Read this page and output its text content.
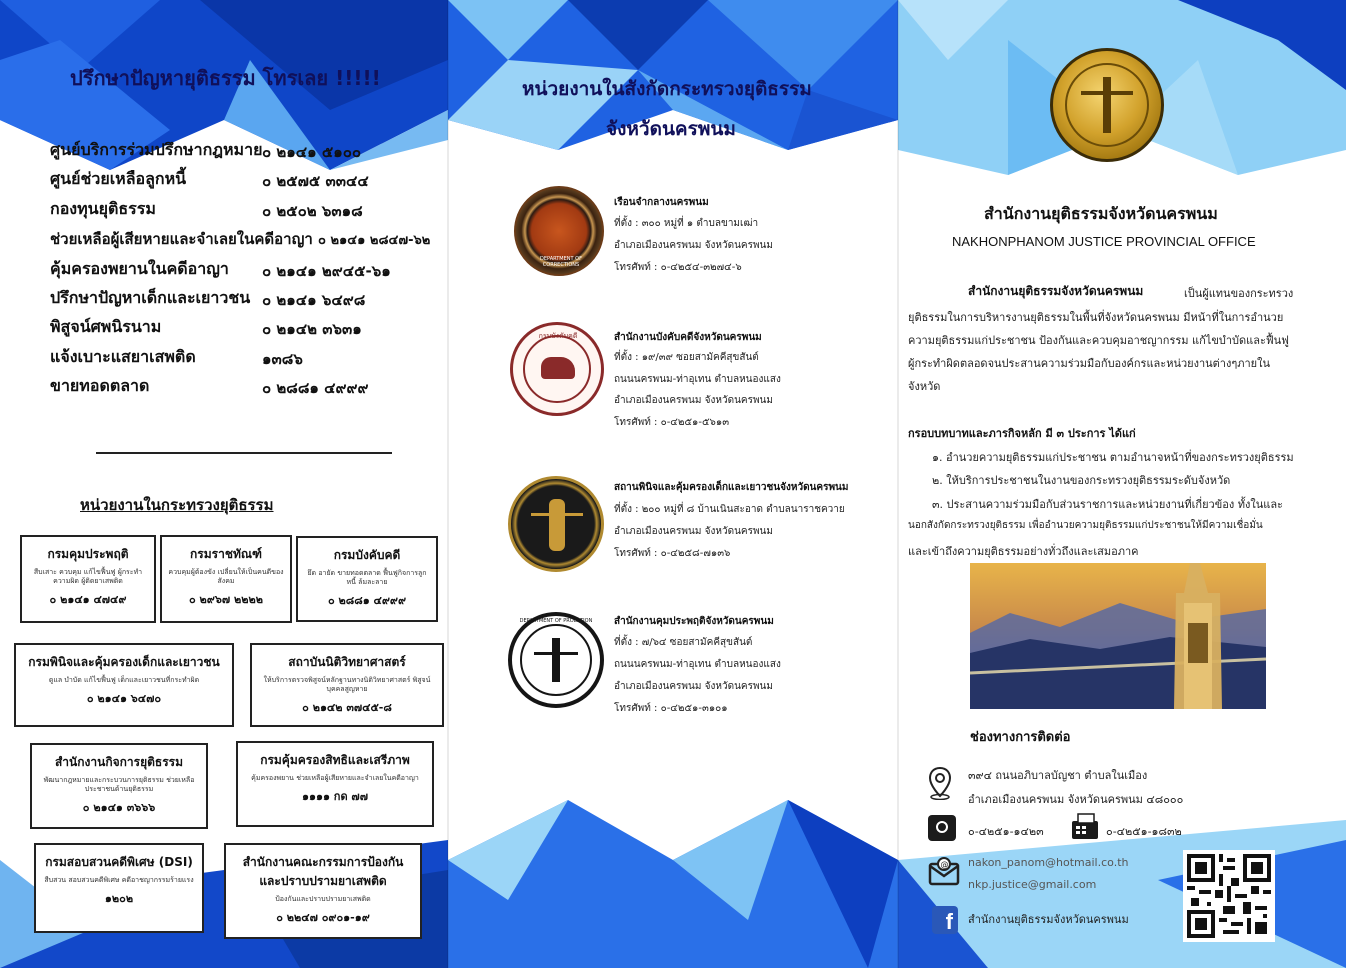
ปรึกษาปัญหายุติธรรม โทรเลย !!!!!
ศูนย์บริการร่วมปรึกษากฎหมาย ๐ ๒๑๔๑ ๕๑๐๐
ศูนย์ช่วยเหลือลูกหนี้	๐ ๒๕๗๕ ๓๓๔๔
กองทุนยุติธรรม	๐ ๒๕๐๒ ๖๓๑๘
ช่วยเหลือผู้เสียหายและจำเลยในคดีอาญา ๐ ๒๑๔๑ ๒๘๔๗-๖๒
คุ้มครองพยานในคดีอาญา ๐ ๒๑๔๑ ๒๙๔๕-๖๑
ปรึกษาปัญหาเด็กและเยาวชน ๐ ๒๑๔๑ ๖๔๙๘
พิสูจน์ศพนิรนาม	๐ ๒๑๔๒ ๓๖๓๑
แจ้งเบาะแสยาเสพติด	๑๓๘๖
ขายทอดตลาด	๐ ๒๘๘๑ ๔๙๙๙
หน่วยงานในกระทรวงยุติธรรม
กรมคุมประพฤติ
สืบเสาะ ควบคุม แก้ไขฟื้นฟู ผู้กระทำความผิด ผู้ติดยาเสพติด
๐ ๒๑๔๑ ๔๗๔๙
กรมราชทัณฑ์
ควบคุมผู้ต้องขัง เปลี่ยนให้เป็นคนดีของสังคม
๐ ๒๙๖๗ ๒๒๒๒
กรมบังคับคดี
ยึด อายัด ขายทอดตลาด ฟื้นฟูกิจการลูกหนี้ ล้มละลาย
๐ ๒๘๘๑ ๔๙๙๙
กรมพินิจและคุ้มครองเด็กและเยาวชน
ดูแล บำบัด แก้ไขฟื้นฟู เด็กและเยาวชนที่กระทำผิด
๐ ๒๑๔๑ ๖๔๗๐
สถาบันนิติวิทยาศาสตร์
ให้บริการตรวจพิสูจน์หลักฐานทางนิติวิทยาศาสตร์ พิสูจน์บุคคลสูญหาย
๐ ๒๑๔๒ ๓๗๔๕-๘
สำนักงานกิจการยุติธรรม
พัฒนากฎหมายและกระบวนการยุติธรรม ช่วยเหลือประชาชนด้านยุติธรรม
๐ ๒๑๔๑ ๓๖๖๖
กรมคุ้มครองสิทธิและเสรีภาพ
คุ้มครองพยาน ช่วยเหลือผู้เสียหายและจำเลยในคดีอาญา
๑๑๑๑ กด ๗๗
กรมสอบสวนคดีพิเศษ (DSI)
สืบสวน สอบสวนคดีพิเศษ คดีอาชญากรรมร้ายแรง
๑๒๐๒
สำนักงานคณะกรรมการป้องกันและปราบปรามยาเสพติด
ป้องกันและปราบปรามยาเสพติด
๐ ๒๒๔๗ ๐๙๐๑-๑๙
หน่วยงานในสังกัดกระทรวงยุติธรรม
จังหวัดนครพนม
DEPARTMENT OF CORRECTIONS
เรือนจำกลางนครพนม
ที่ตั้ง : ๓๐๐ หมู่ที่ ๑ ตำบลขามเฒ่า
อำเภอเมืองนครพนม จังหวัดนครพนม
โทรศัพท์ : ๐-๔๒๕๔-๓๒๗๔-๖
กรมบังคับคดี	สำนักงานบังคับคดีจังหวัดนครพนม
ที่ตั้ง : ๑๙/๓๙ ซอยสามัคคีสุขสันต์
ถนนนครพนม-ท่าอุเทน ตำบลหนองแสง
อำเภอเมืองนครพนม จังหวัดนครพนม
โทรศัพท์ : ๐-๔๒๕๑-๕๖๑๓
สถานพินิจและคุ้มครองเด็กและเยาวชนจังหวัดนครพนม
ที่ตั้ง : ๒๐๐ หมู่ที่ ๘ บ้านเนินสะอาด ตำบลนาราชควาย
อำเภอเมืองนครพนม จังหวัดนครพนม
โทรศัพท์ : ๐-๔๒๕๘-๗๑๓๖
DEPARTMENT OF PROBATION	สำนักงานคุมประพฤติจังหวัดนครพนม
ที่ตั้ง : ๗/๖๔ ซอยสามัคคีสุขสันต์
ถนนนครพนม-ท่าอุเทน ตำบลหนองแสง
อำเภอเมืองนครพนม จังหวัดนครพนม
โทรศัพท์ : ๐-๔๒๕๑-๓๑๐๑
สำนักงานยุติธรรมจังหวัดนครพนม
NAKHONPHANOM JUSTICE PROVINCIAL OFFICE
สำนักงานยุติธรรมจังหวัดนครพนม	เป็นผู้แทนของกระทรวง
ยุติธรรมในการบริหารงานยุติธรรมในพื้นที่จังหวัดนครพนม มีหน้าที่ในการอำนวย
ความยุติธรรมแก่ประชาชน ป้องกันและควบคุมอาชญากรรม แก้ไขบำบัดและฟื้นฟู
ผู้กระทำผิดตลอดจนประสานความร่วมมือกับองค์กรและหน่วยงานต่างๆภายใน
จังหวัด
กรอบบทบาทและภารกิจหลัก มี ๓ ประการ ได้แก่
๑. อำนวยความยุติธรรมแก่ประชาชน ตามอำนาจหน้าที่ของกระทรวงยุติธรรม
๒. ให้บริการประชาชนในงานของกระทรวงยุติธรรมระดับจังหวัด
๓. ประสานความร่วมมือกับส่วนราชการและหน่วยงานที่เกี่ยวข้อง ทั้งในและ
นอกสังกัดกระทรวงยุติธรรม เพื่ออำนวยความยุติธรรมแก่ประชาชนให้มีความเชื่อมั่น
และเข้าถึงความยุติธรรมอย่างทั่วถึงและเสมอภาค
ช่องทางการติดต่อ
๓๙๔ ถนนอภิบาลบัญชา ตำบลในเมือง
อำเภอเมืองนครพนม จังหวัดนครพนม ๔๘๐๐๐
๐-๔๒๕๑-๑๔๒๓	๐-๔๒๕๑-๑๘๓๒
@ nakon_panom@hotmail.co.th
nkp.justice@gmail.com
f	สำนักงานยุติธรรมจังหวัดนครพนม
